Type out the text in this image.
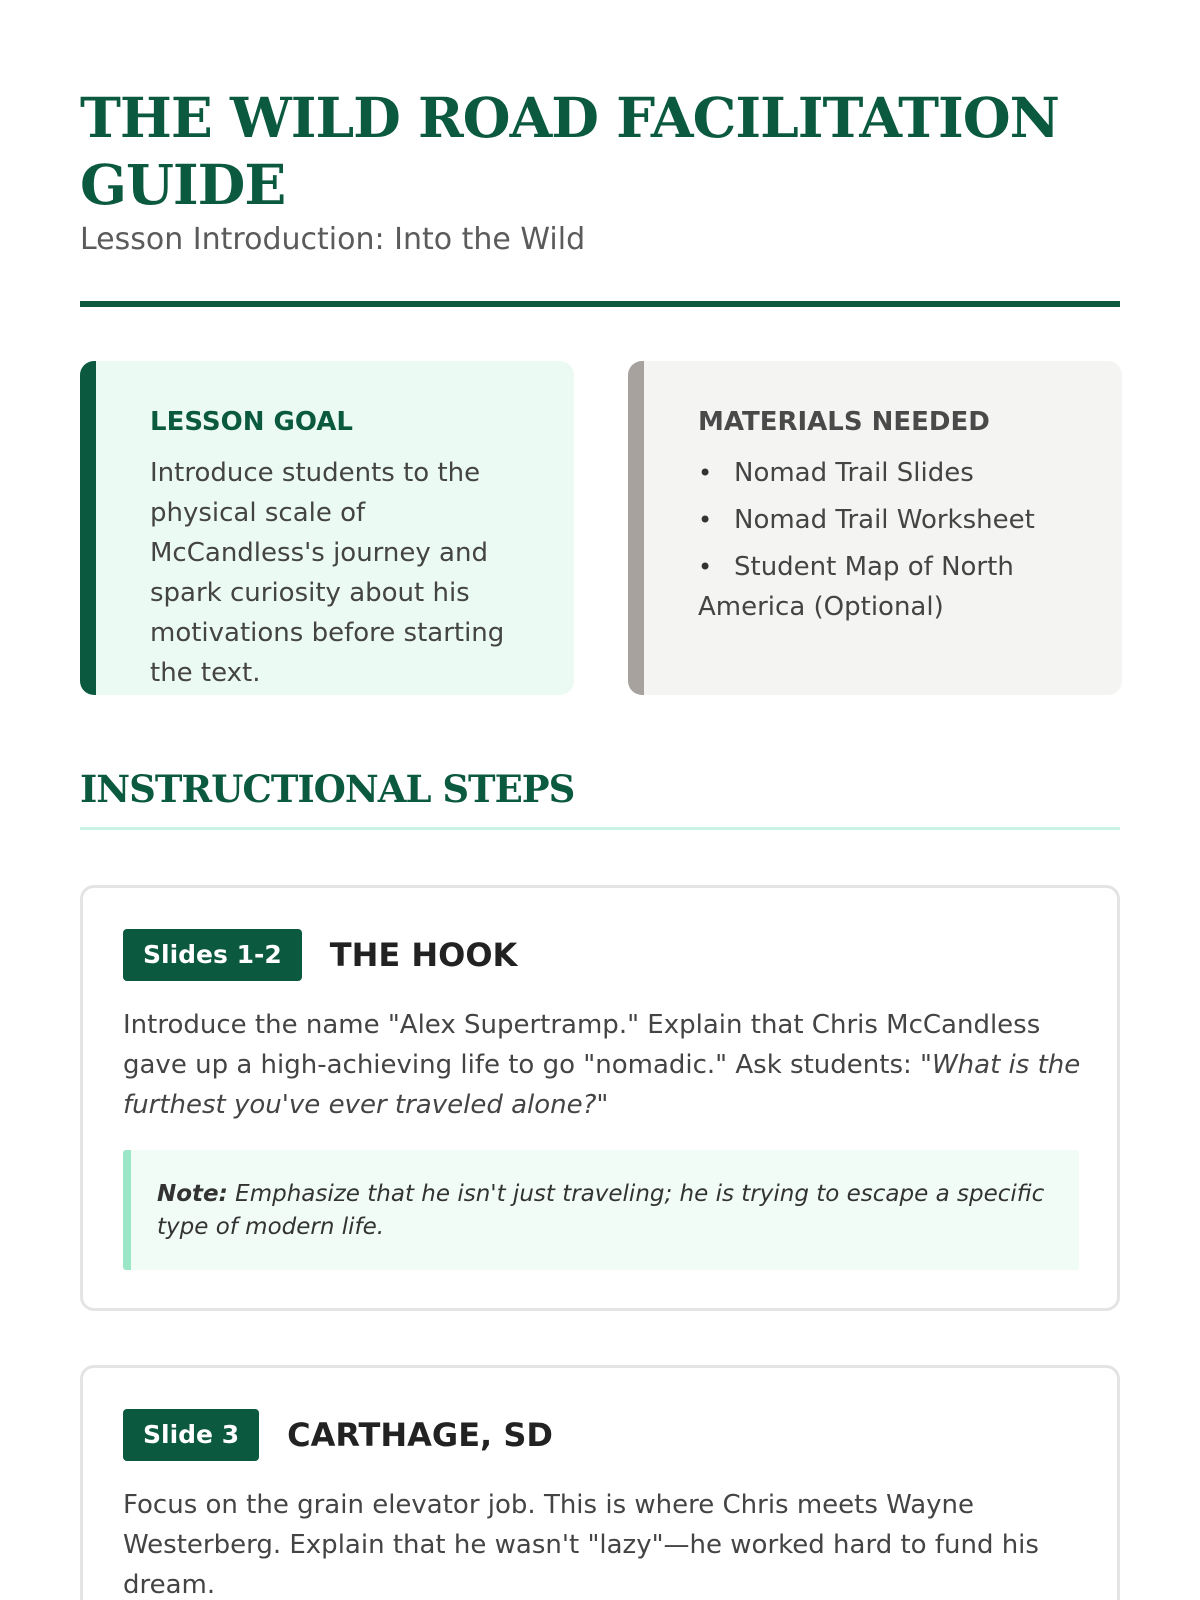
THE WILD ROAD FACILITATION GUIDE
Lesson Introduction: Into the Wild
LESSON GOAL

Introduce students to the physical scale of McCandless's journey and spark curiosity about his motivations before starting the text.

MATERIALS NEEDED
• Nomad Trail Slides
• Nomad Trail Worksheet
• Student Map of North America (Optional)
INSTRUCTIONAL STEPS
Slides 1-2	THE HOOK

Introduce the name "Alex Supertramp." Explain that Chris McCandless gave up a high-achieving life to go "nomadic." Ask students: "What is the furthest you've ever traveled alone?"

Note: Emphasize that he isn't just traveling; he is trying to escape a specific type of modern life.
Slide 3	CARTHAGE, SD

Focus on the grain elevator job. This is where Chris meets Wayne Westerberg. Explain that he wasn't "lazy"—he worked hard to fund his dream.
